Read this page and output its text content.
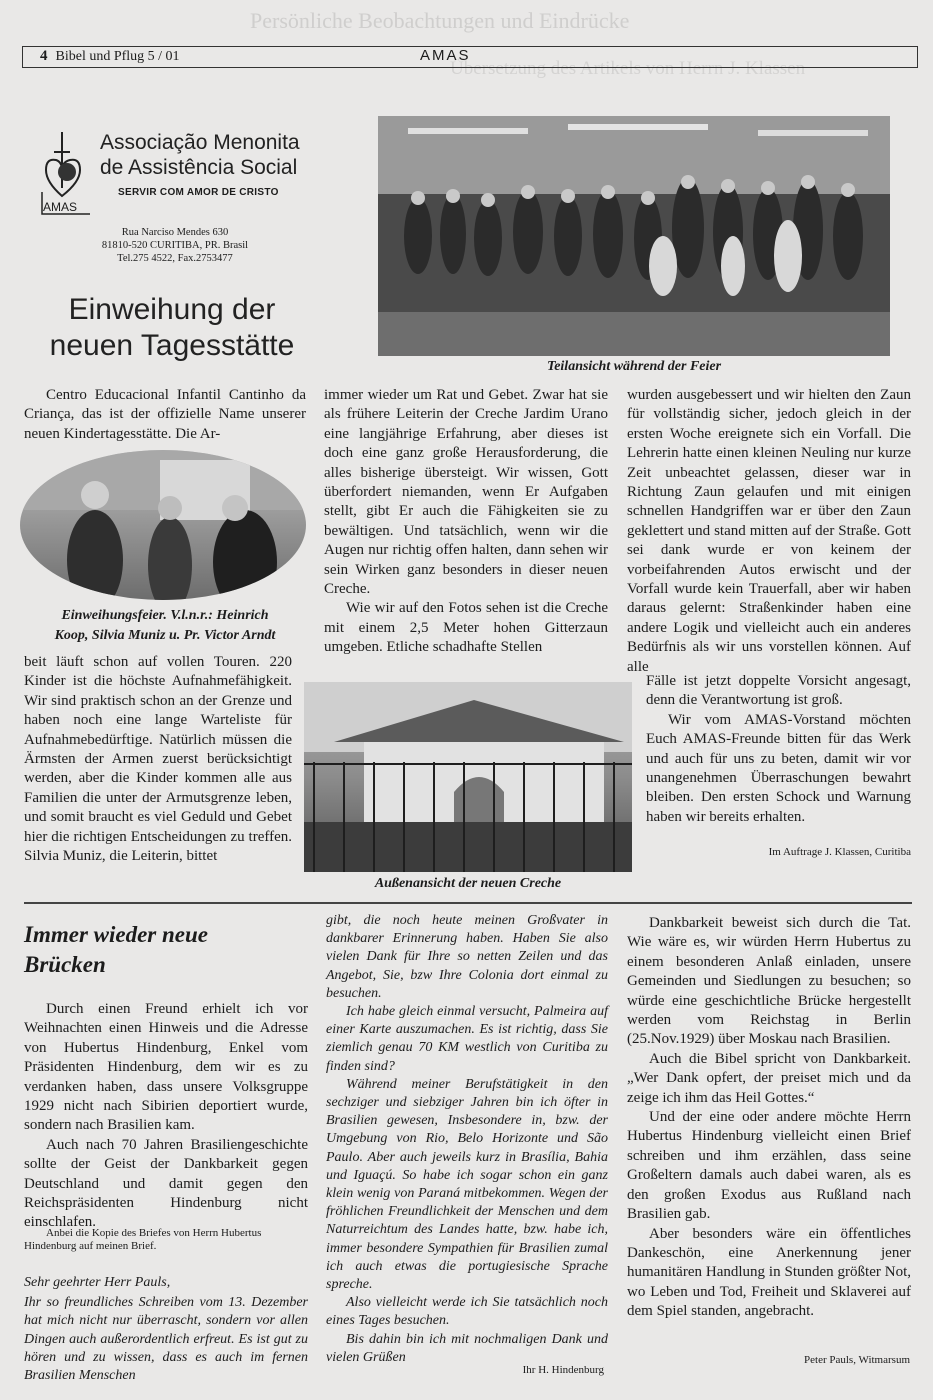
Persönliche Beobachtungen und Eindrücke
Übersetzung des Artikels von Herrn J. Klassen
4 Bibel und Pflug 5 / 01	AMAS
AMAS
Associação Menonita
de Assistência Social
SERVIR COM AMOR DE CRISTO
Rua Narciso Mendes 630
81810-520 CURITIBA, PR. Brasil
Tel.275 4522, Fax.2753477
Einweihung der
neuen Tagesstätte
Teilansicht während der Feier

Centro Educacional Infantil Cantinho da Criança, das ist der offizielle Name unserer neuen Kindertagesstätte. Die Ar-

Einweihungsfeier. V.l.n.r.: Heinrich
Koop, Silvia Muniz u. Pr. Victor Arndt

beit läuft schon auf vollen Touren. 220 Kinder ist die höchste Aufnahmefähigkeit. Wir sind praktisch schon an der Grenze und haben noch eine lange Warteliste für Aufnahmebedürftige. Natürlich müssen die Ärmsten der Armen zuerst berücksichtigt werden, aber die Kinder kommen alle aus Familien die unter der Armutsgrenze leben, und somit braucht es viel Geduld und Gebet hier die richtigen Entscheidungen zu treffen. Silvia Muniz, die Leiterin, bittet

immer wieder um Rat und Gebet. Zwar hat sie als frühere Leiterin der Creche Jardim Urano eine langjährige Erfahrung, aber dieses ist doch eine ganz große Herausforderung, die alles bisherige übersteigt. Wir wissen, Gott überfordert niemanden, wenn Er Aufgaben stellt, gibt Er auch die Fähigkeiten sie zu bewältigen. Und tatsächlich, wenn wir die Augen nur richtig offen halten, dann sehen wir sein Wirken ganz besonders in dieser neuen Creche.

Wie wir auf den Fotos sehen ist die Creche mit einem 2,5 Meter hohen Gitterzaun umgeben. Etliche schadhafte Stellen

Außenansicht der neuen Creche

wurden ausgebessert und wir hielten den Zaun für vollständig sicher, jedoch gleich in der ersten Woche ereignete sich ein Vorfall. Die Lehrerin hatte einen kleinen Neuling nur kurze Zeit unbeachtet gelassen, dieser war in Richtung Zaun gelaufen und mit einigen schnellen Handgriffen war er über den Zaun geklettert und stand mitten auf der Straße. Gott sei dank wurde er von keinem der vorbeifahrenden Autos erwischt und der Vorfall wurde kein Trauerfall, aber wir haben daraus gelernt: Straßenkinder haben eine andere Logik und vielleicht auch ein anderes Bedürfnis als wir uns vorstellen können. Auf alle

Fälle ist jetzt doppelte Vorsicht angesagt, denn die Verantwortung ist groß.

Wir vom AMAS-Vorstand möchten Euch AMAS-Freunde bitten für das Werk und auch für uns zu beten, damit wir vor unangenehmen Überraschungen bewahrt bleiben. Den ersten Schock und Warnung haben wir bereits erhalten.

Im Auftrage J. Klassen, Curitiba
Immer wieder neue
Brücken

Durch einen Freund erhielt ich vor Weihnachten einen Hinweis und die Adresse von Hubertus Hindenburg, Enkel vom Präsidenten Hindenburg, dem wir es zu verdanken haben, dass unsere Volksgruppe 1929 nicht nach Sibirien deportiert wurde, sondern nach Brasilien kam.

Auch nach 70 Jahren Brasiliengeschichte sollte der Geist der Dankbarkeit gegen Deutschland und damit gegen den Reichspräsidenten Hindenburg nicht einschlafen.

Anbei die Kopie des Briefes von Herrn Hubertus Hindenburg auf meinen Brief.

Sehr geehrter Herr Pauls,

Ihr so freundliches Schreiben vom 13. Dezember hat mich nicht nur überrascht, sondern vor allen Dingen auch außerordentlich erfreut. Es ist gut zu hören und zu wissen, dass es auch im fernen Brasilien Menschen

gibt, die noch heute meinen Großvater in dankbarer Erinnerung haben. Haben Sie also vielen Dank für Ihre so netten Zeilen und das Angebot, Sie, bzw Ihre Colonia dort einmal zu besuchen.

Ich habe gleich einmal versucht, Palmeira auf einer Karte auszumachen. Es ist richtig, dass Sie ziemlich genau 70 KM westlich von Curitiba zu finden sind?

Während meiner Berufstätigkeit in den sechziger und siebziger Jahren bin ich öfter in Brasilien gewesen, Insbesondere in, bzw. der Umgebung von Rio, Belo Horizonte und São Paulo. Aber auch jeweils kurz in Brasília, Bahia und Iguaçú. So habe ich sogar schon ein ganz klein wenig von Paraná mitbekommen. Wegen der fröhlichen Freundlichkeit der Menschen und dem Naturreichtum des Landes hatte, bzw. habe ich, immer besondere Sympathien für Brasilien zumal ich auch etwas die portugiesische Sprache spreche.

Also vielleicht werde ich Sie tatsächlich noch eines Tages besuchen.

Bis dahin bin ich mit nochmaligen Dank und vielen Grüßen

Ihr H. Hindenburg

Dankbarkeit beweist sich durch die Tat. Wie wäre es, wir würden Herrn Hubertus zu einem besonderen Anlaß einladen, unsere Gemeinden und Siedlungen zu besuchen; so würde eine geschichtliche Brücke hergestellt werden vom Reichstag in Berlin (25.Nov.1929) über Moskau nach Brasilien.

Auch die Bibel spricht von Dankbarkeit. „Wer Dank opfert, der preiset mich und da zeige ich ihm das Heil Gottes.“

Und der eine oder andere möchte Herrn Hubertus Hindenburg vielleicht einen Brief schreiben und ihm erzählen, dass seine Großeltern damals auch dabei waren, als es den großen Exodus aus Rußland nach Brasilien gab.

Aber besonders wäre ein öffentliches Dankeschön, eine Anerkennung jener humanitären Handlung in Stunden größter Not, wo Leben und Tod, Freiheit und Sklaverei auf dem Spiel standen, angebracht.

Peter Pauls, Witmarsum
